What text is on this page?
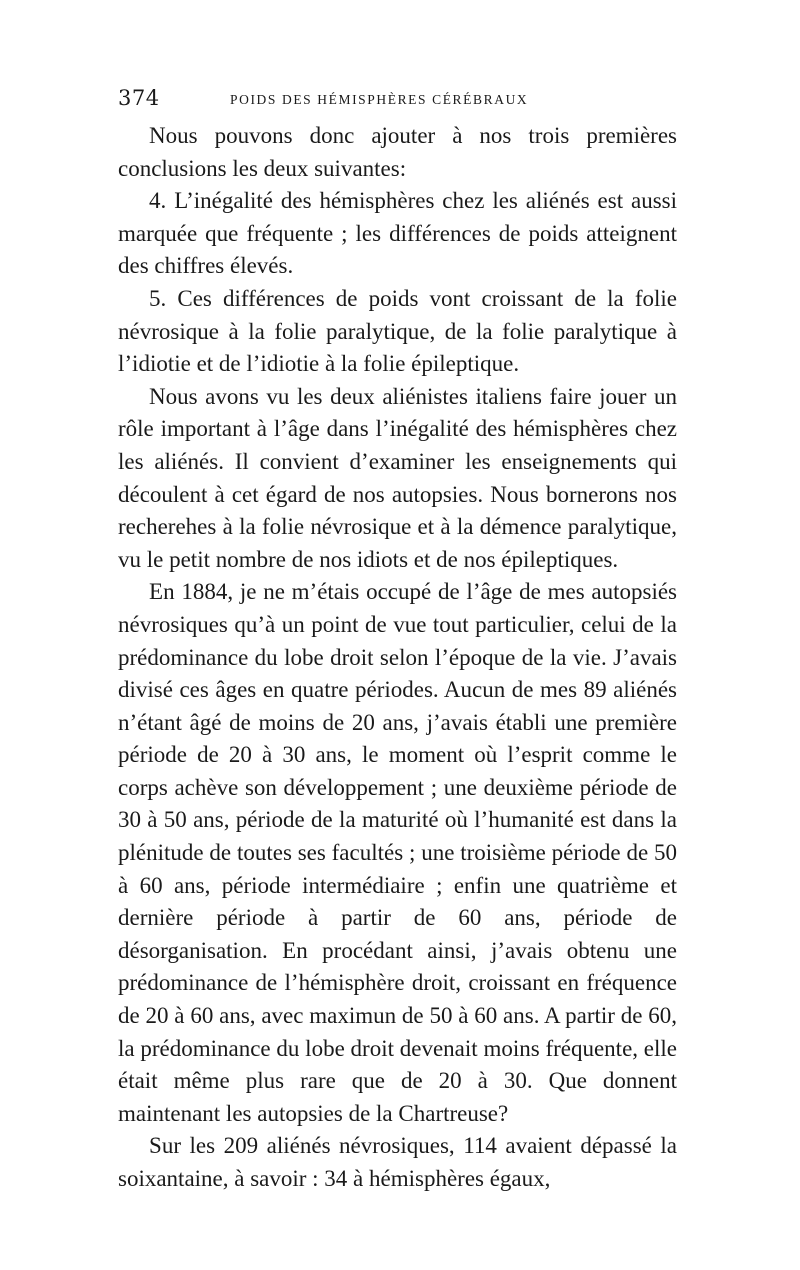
374	POIDS DES HÉMISPHÈRES CÉRÉBRAUX

Nous pouvons donc ajouter à nos trois premières conclusions les deux suivantes:

4. L’inégalité des hémisphères chez les aliénés est aussi marquée que fréquente ; les différences de poids atteignent des chiffres élevés.

5. Ces différences de poids vont croissant de la folie névrosique à la folie paralytique, de la folie paralytique à l’idiotie et de l’idiotie à la folie épileptique.

Nous avons vu les deux aliénistes italiens faire jouer un rôle important à l’âge dans l’inégalité des hémisphères chez les aliénés. Il convient d’examiner les enseignements qui découlent à cet égard de nos autopsies. Nous bornerons nos recherehes à la folie névrosique et à la démence paralytique, vu le petit nombre de nos idiots et de nos épileptiques.

En 1884, je ne m’étais occupé de l’âge de mes autopsiés névrosiques qu’à un point de vue tout particulier, celui de la prédominance du lobe droit selon l’époque de la vie. J’avais divisé ces âges en quatre périodes. Aucun de mes 89 aliénés n’étant âgé de moins de 20 ans, j’avais établi une première période de 20 à 30 ans, le moment où l’esprit comme le corps achève son développement ; une deuxième période de 30 à 50 ans, période de la maturité où l’humanité est dans la plénitude de toutes ses facultés ; une troisième période de 50 à 60 ans, période intermédiaire ; enfin une quatrième et dernière période à partir de 60 ans, période de désorganisation. En procédant ainsi, j’avais obtenu une prédominance de l’hémisphère droit, croissant en fréquence de 20 à 60 ans, avec maximun de 50 à 60 ans. A partir de 60, la prédominance du lobe droit devenait moins fréquente, elle était même plus rare que de 20 à 30. Que donnent maintenant les autopsies de la Chartreuse?

Sur les 209 aliénés névrosiques, 114 avaient dépassé la soixantaine, à savoir : 34 à hémisphères égaux,
